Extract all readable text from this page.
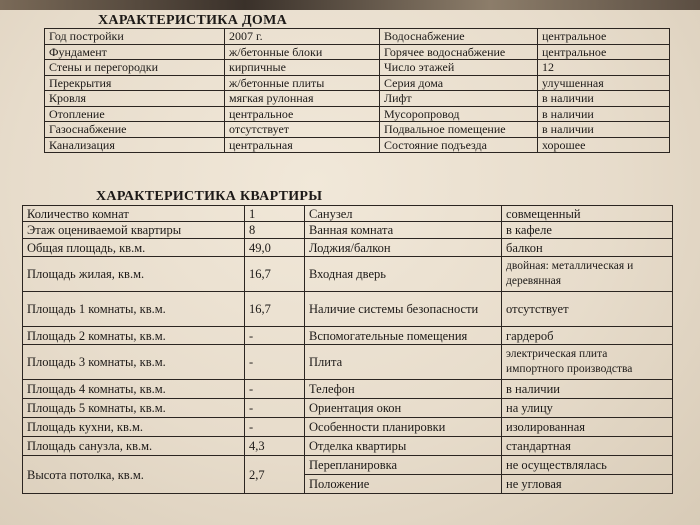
ХАРАКТЕРИСТИКА ДОМА
Год постройки	2007 г.	Водоснабжение	центральное
Фундамент	ж/бетонные блоки	Горячее водоснабжение	центральное
Стены и перегородки	кирпичные	Число этажей	12
Перекрытия	ж/бетонные плиты	Серия дома	улучшенная
Кровля	мягкая рулонная	Лифт	в наличии
Отопление	центральное	Мусоропровод	в наличии
Газоснабжение	отсутствует	Подвальное помещение	в наличии
Канализация	центральная	Состояние подъезда	хорошее
ХАРАКТЕРИСТИКА КВАРТИРЫ
Количество комнат	1	Санузел	совмещенный
Этаж оцениваемой квартиры	8	Ванная комната	в кафеле
Общая площадь, кв.м.	49,0	Лоджия/балкон	балкон
Площадь жилая, кв.м.	16,7	Входная дверь	двойная: металлическая и деревянная
Площадь 1 комнаты, кв.м.	16,7	Наличие системы безопасности	отсутствует
Площадь 2 комнаты, кв.м.	-	Вспомогательные помещения	гардероб
Площадь 3 комнаты, кв.м.	-	Плита	электрическая плита импортного производства
Площадь 4 комнаты, кв.м.	-	Телефон	в наличии
Площадь 5 комнаты, кв.м.	-	Ориентация окон	на улицу
Площадь кухни, кв.м.	-	Особенности планировки	изолированная
Площадь санузла, кв.м.	4,3	Отделка квартиры	стандартная
Высота потолка, кв.м.	2,7	Перепланировка	не осуществлялась
		Положение	не угловая
